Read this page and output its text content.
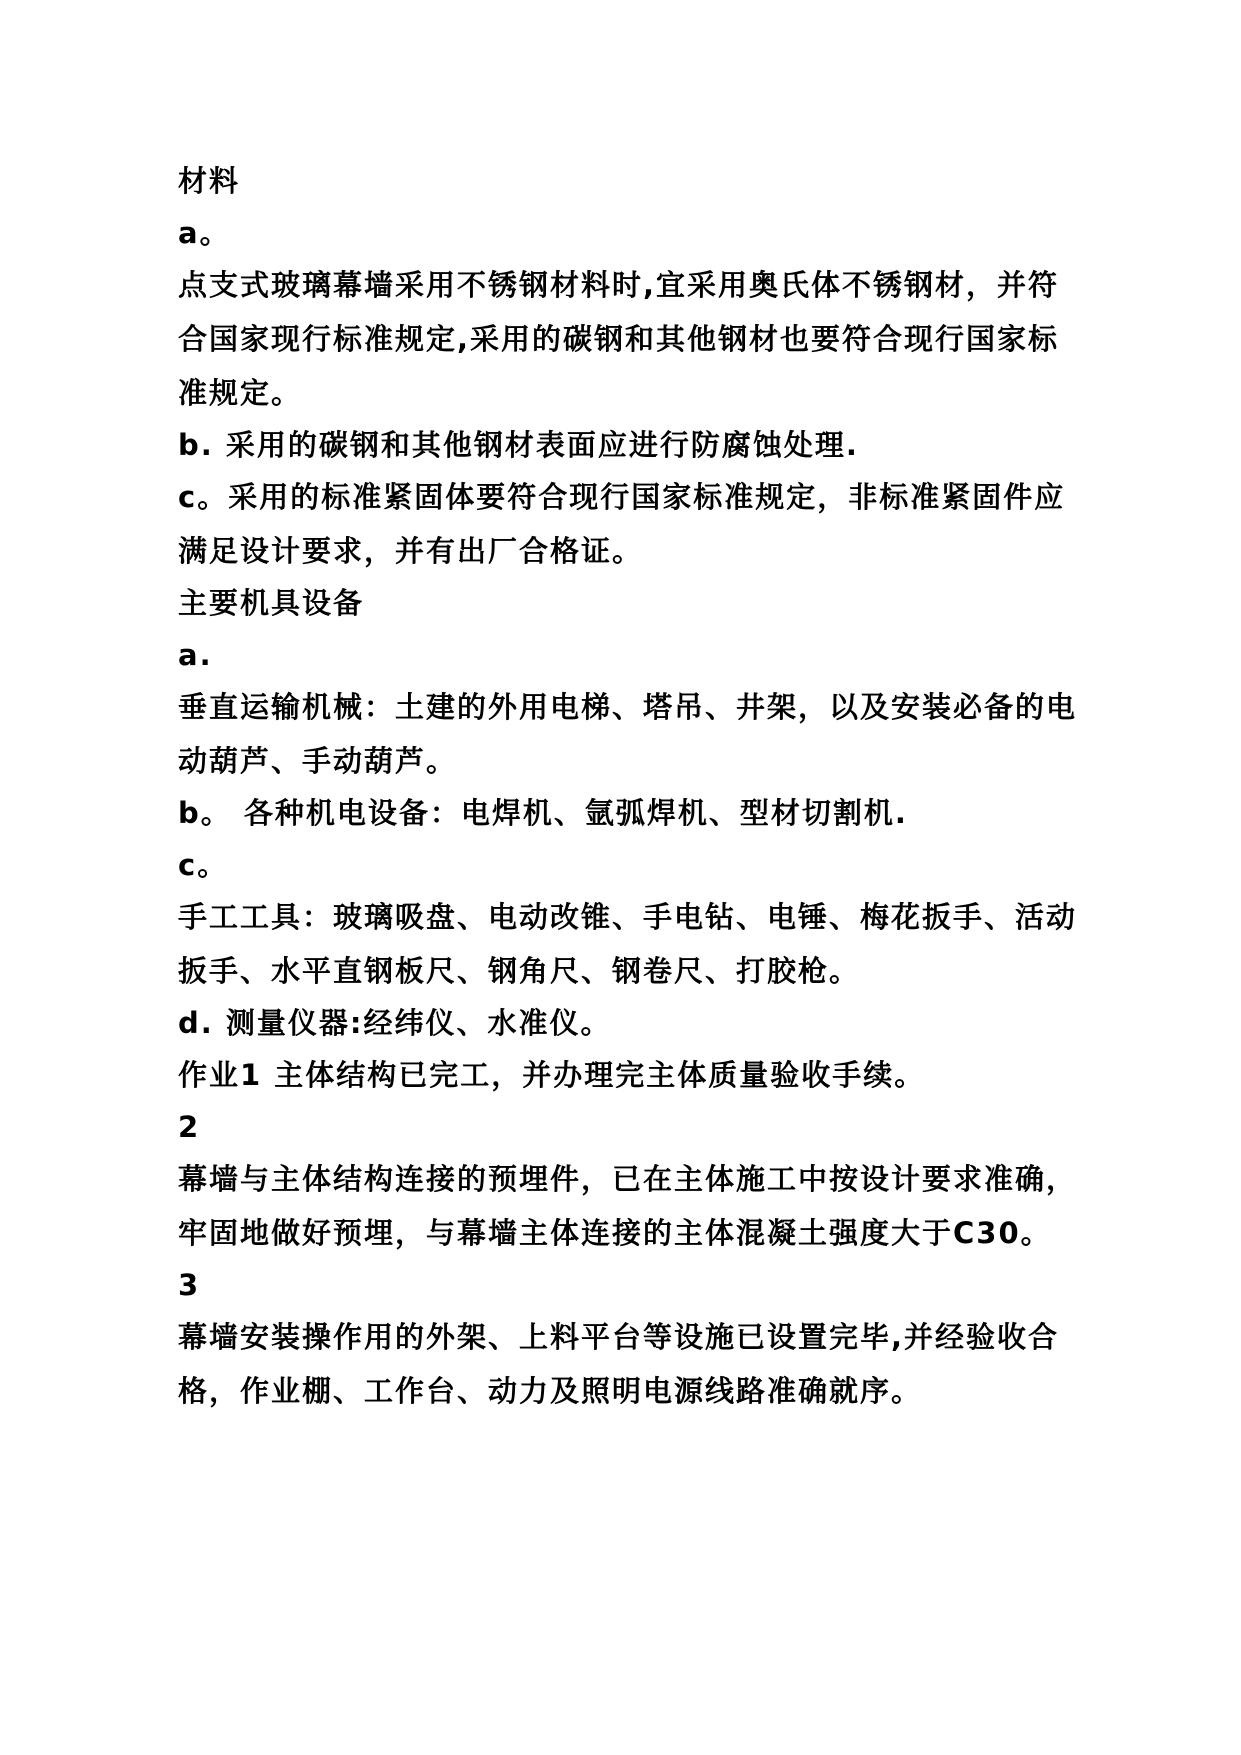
材料
a。
点支式玻璃幕墙采用不锈钢材料时,宜采用奥氏体不锈钢材，并符
合国家现行标准规定,采用的碳钢和其他钢材也要符合现行国家标
准规定。
b. 采用的碳钢和其他钢材表面应进行防腐蚀处理.
c。采用的标准紧固体要符合现行国家标准规定，非标准紧固件应
满足设计要求，并有出厂合格证。
主要机具设备
a.
垂直运输机械：土建的外用电梯、塔吊、井架，以及安装必备的电
动葫芦、手动葫芦。
b。 各种机电设备：电焊机、氩弧焊机、型材切割机.
c。
手工工具：玻璃吸盘、电动改锥、手电钻、电锤、梅花扳手、活动
扳手、水平直钢板尺、钢角尺、钢卷尺、打胶枪。
d. 测量仪器:经纬仪、水准仪。
作业1 主体结构已完工，并办理完主体质量验收手续。
2
幕墙与主体结构连接的预埋件，已在主体施工中按设计要求准确，
牢固地做好预埋，与幕墙主体连接的主体混凝土强度大于C30。
3
幕墙安装操作用的外架、上料平台等设施已设置完毕,并经验收合
格，作业棚、工作台、动力及照明电源线路准确就序。
